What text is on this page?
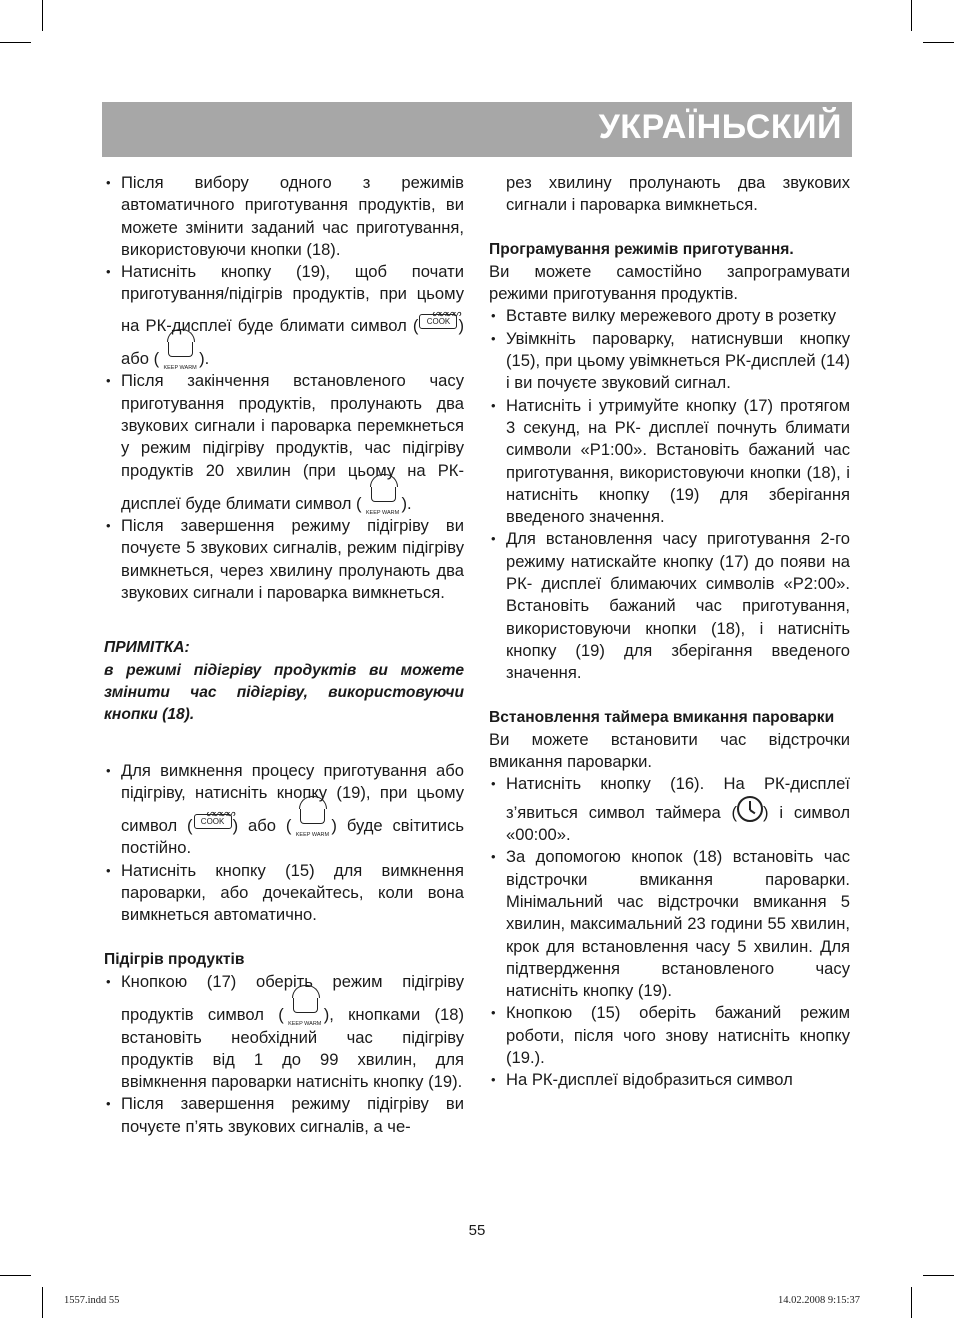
УКРАЇНЬСКИЙ
• Після вибору одного з режимів автоматичного приготування продуктів, ви можете змінити заданий час приготування, використовуючи кнопки (18).
• Натисніть кнопку (19), щоб почати приготування/підігрів продуктів, при цьому на РК-дисплеї буде блимати символ (
ᔕᔕᔕᔕ
COOK ) або ( KEEP WARM ).
• Після закінчення встановленого часу приготування продуктів, пролунають два звукових сигнали і пароварка перемкнеться у режим підігріву продуктів, час підігріву продуктів 20 хвилин (при цьому на РК-дисплеї буде блимати символ ( KEEP WARM ).
• Після завершення режиму підігріву ви почуєте 5 звукових сигналів, режим підігріву вимкнеться, через хвилину пролунають два звукових сигнали і пароварка вимкнеться.
ПРИМІТКА:
в режимі підігріву продуктів ви можете змінити час підігріву, використовуючи кнопки (18).
• Для вимкнення процесу приготування або підігріву, натисніть кнопку (19), при цьому символ (
ᔕᔕᔕᔕ
COOK ) або ( KEEP WARM ) буде світитись постійно.
• Натисніть кнопку (15) для вимкнення пароварки, або дочекайтесь, коли вона вимкнеться автоматично.
Підігрів продуктів
• Кнопкою (17) оберіть режим підігріву продуктів символ ( KEEP WARM ), кнопками (18) встановіть необхідний час підігріву продуктів від 1 до 99 хвилин, для ввімкнення пароварки натисніть кнопку (19).
• Після завершення режиму підігріву ви почуєте п’ять звукових сигналів, а че-
рез хвилину пролунають два звукових сигнали і пароварка вимкнеться.
Програмування режимів приготування.
Ви можете самостійно запрограмувати режими приготування продуктів.
• Вставте вилку мережевого дроту в розетку
• Увімкніть пароварку, натиснувши кнопку (15), при цьому увімкнеться РК-дисплей (14) і ви почуєте звуковий сигнал.
• Натисніть і утримуйте кнопку (17) протягом 3 секунд, на РК- дисплеї почнуть блимати символи «P1:00». Встановіть бажаний час приготування, використовуючи кнопки (18), і натисніть кнопку (19) для зберігання введеного значення.
• Для встановлення часу приготування 2-го режиму натискайте кнопку (17) до появи на РК- дисплеї блимаючих символів «P2:00». Встановіть бажаний час приготування, використовуючи кнопки (18), і натисніть кнопку (19) для зберігання введеного значення.
Встановлення таймера вмикання пароварки
Ви можете встановити час відстрочки вмикання пароварки.
• Натисніть кнопку (16). На РК-дисплеї з’явиться символ таймера ( ) і символ «00:00».
• За допомогою кнопок (18) встановіть час відстрочки вмикання пароварки. Мінімальний час відстрочки вмикання 5 хвилин, максимальний 23 години 55 хвилин, крок для встановлення часу 5 хвилин. Для підтвердження встановленого часу натисніть кнопку (19).
• Кнопкою (15) оберіть бажаний режим роботи, після чого знову натисніть кнопку (19.).
• На РК-дисплеї відобразиться символ
55
1557.indd 55	14.02.2008 9:15:37
